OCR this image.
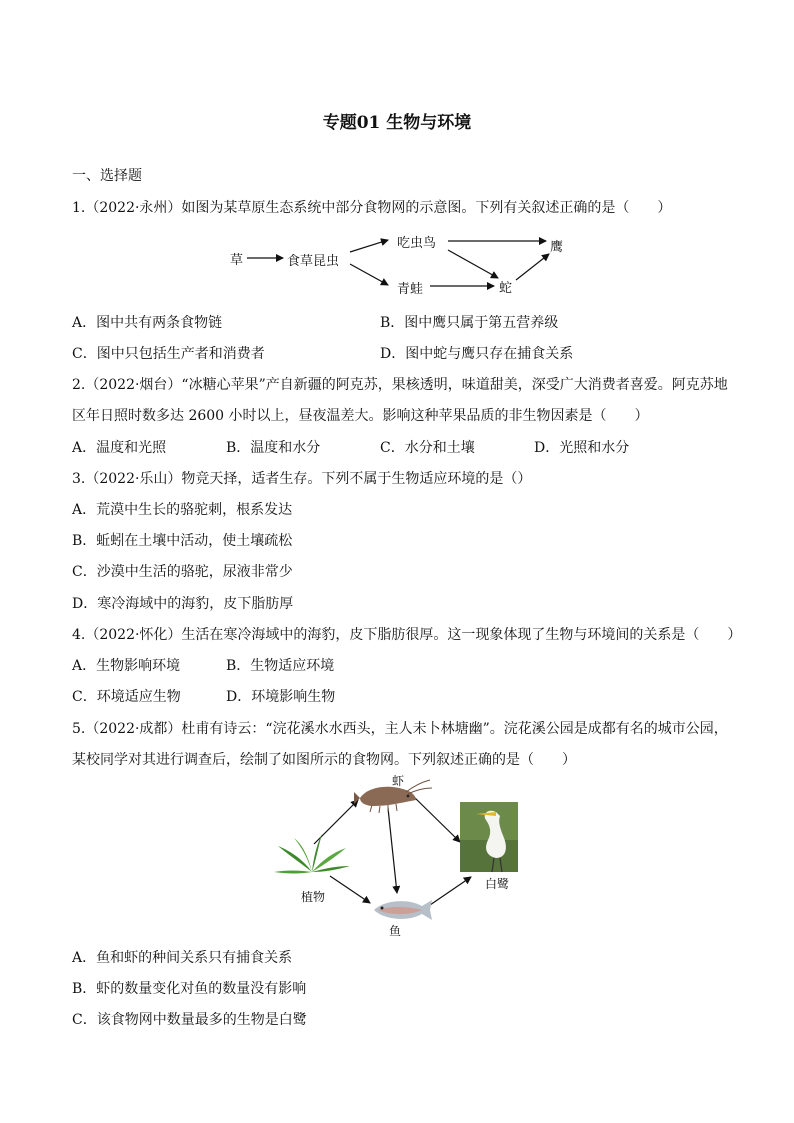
专题01 生物与环境
一、选择题
1.（2022·永州）如图为某草原生态系统中部分食物网的示意图。下列有关叙述正确的是（　　）
草	食草昆虫
吃虫鸟	鹰
青蛙	蛇
A．图中共有两条食物链	B．图中鹰只属于第五营养级
C．图中只包括生产者和消费者	D．图中蛇与鹰只存在捕食关系
2.（2022·烟台）“冰糖心苹果”产自新疆的阿克苏，果核透明，味道甜美，深受广大消费者喜爱。阿克苏地
区年日照时数多达 2600 小时以上，昼夜温差大。影响这种苹果品质的非生物因素是（　　）
A．温度和光照	B．温度和水分	C．水分和土壤	D．光照和水分
3.（2022·乐山）物竞天择，适者生存。下列不属于生物适应环境的是（）
A．荒漠中生长的骆驼刺，根系发达
B．蚯蚓在土壤中活动，使土壤疏松
C．沙漠中生活的骆驼，尿液非常少
D．寒冷海域中的海豹，皮下脂肪厚
4.（2022·怀化）生活在寒冷海域中的海豹，皮下脂肪很厚。这一现象体现了生物与环境间的关系是（　　）
A．生物影响环境	B．生物适应环境
C．环境适应生物	D．环境影响生物
5.（2022·成都）杜甫有诗云：“浣花溪水水西头，主人未卜林塘幽”。浣花溪公园是成都有名的城市公园，
某校同学对其进行调查后，绘制了如图所示的食物网。下列叙述正确的是（　　）
虾
植物
鱼
白鹭
A．鱼和虾的种间关系只有捕食关系
B．虾的数量变化对鱼的数量没有影响
C．该食物网中数量最多的生物是白鹭
